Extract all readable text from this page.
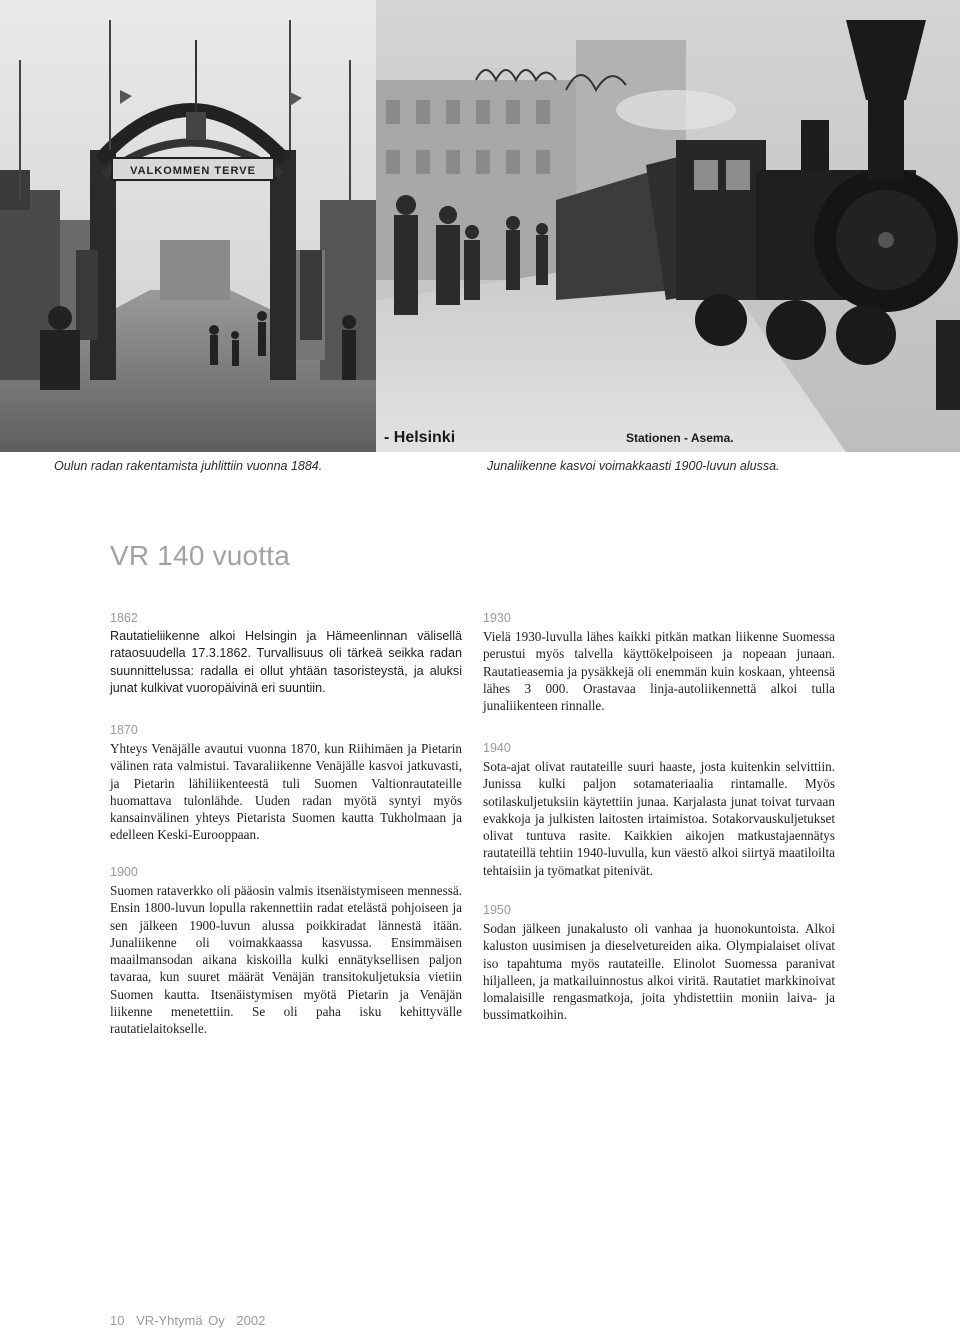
VALKOMMEN TERVE
- Helsinki	Stationen - Asema.
Oulun radan rakentamista juhlittiin vuonna 1884.	Junaliikenne kasvoi voimakkaasti 1900-luvun alussa.
VR 140 vuotta
1862

Rautatieliikenne alkoi Helsingin ja Hämeenlinnan välisellä rataosuudella 17.3.1862. Turvallisuus oli tärkeä seikka radan suunnittelussa: radalla ei ollut yhtään tasoristeystä, ja aluksi junat kulkivat vuoropäivinä eri suuntiin.

1870

Yhteys Venäjälle avautui vuonna 1870, kun Riihimäen ja Pietarin välinen rata valmistui. Tavaraliikenne Venäjälle kasvoi jatkuvasti, ja Pietarin lähiliikenteestä tuli Suomen Valtionrautateille huomattava tulonlähde. Uuden radan myötä syntyi myös kansainvälinen yhteys Pietarista Suomen kautta Tukholmaan ja edelleen Keski-Eurooppaan.

1900

Suomen rataverkko oli pääosin valmis itsenäistymiseen mennessä. Ensin 1800-luvun lopulla rakennettiin radat etelästä pohjoiseen ja sen jälkeen 1900-luvun alussa poikkiradat lännestä itään. Junaliikenne oli voimakkaassa kasvussa. Ensimmäisen maailmansodan aikana kiskoilla kulki ennätyksellisen paljon tavaraa, kun suuret määrät Venäjän transitokuljetuksia vietiin Suomen kautta. Itsenäistymisen myötä Pietarin ja Venäjän liikenne menetettiin. Se oli paha isku kehittyvälle rautatielaitokselle.

1930

Vielä 1930-luvulla lähes kaikki pitkän matkan liikenne Suomessa perustui myös talvella käyttökelpoiseen ja nopeaan junaan. Rautatieasemia ja pysäkkejä oli enemmän kuin koskaan, yhteensä lähes 3 000. Orastavaa linja-autoliikennettä alkoi tulla junaliikenteen rinnalle.

1940

Sota-ajat olivat rautateille suuri haaste, josta kuitenkin selvittiin. Junissa kulki paljon sotamateriaalia rintamalle. Myös sotilaskuljetuksiin käytettiin junaa. Karjalasta junat toivat turvaan evakkoja ja julkisten laitosten irtaimistoa. Sotakorvauskuljetukset olivat tuntuva rasite. Kaikkien aikojen matkustajaennätys rautateillä tehtiin 1940-luvulla, kun väestö alkoi siirtyä maatiloilta tehtaisiin ja työmatkat pitenivät.

1950

Sodan jälkeen junakalusto oli vanhaa ja huonokuntoista. Alkoi kaluston uusimisen ja dieselvetureiden aika. Olympialaiset olivat iso tapahtuma myös rautateille. Elinolot Suomessa paranivat hiljalleen, ja matkailuinnostus alkoi viritä. Rautatiet markkinoivat lomalaisille rengasmatkoja, joita yhdistettiin moniin laiva- ja bussimatkoihin.

10 VR-Yhtymä Oy 2002
